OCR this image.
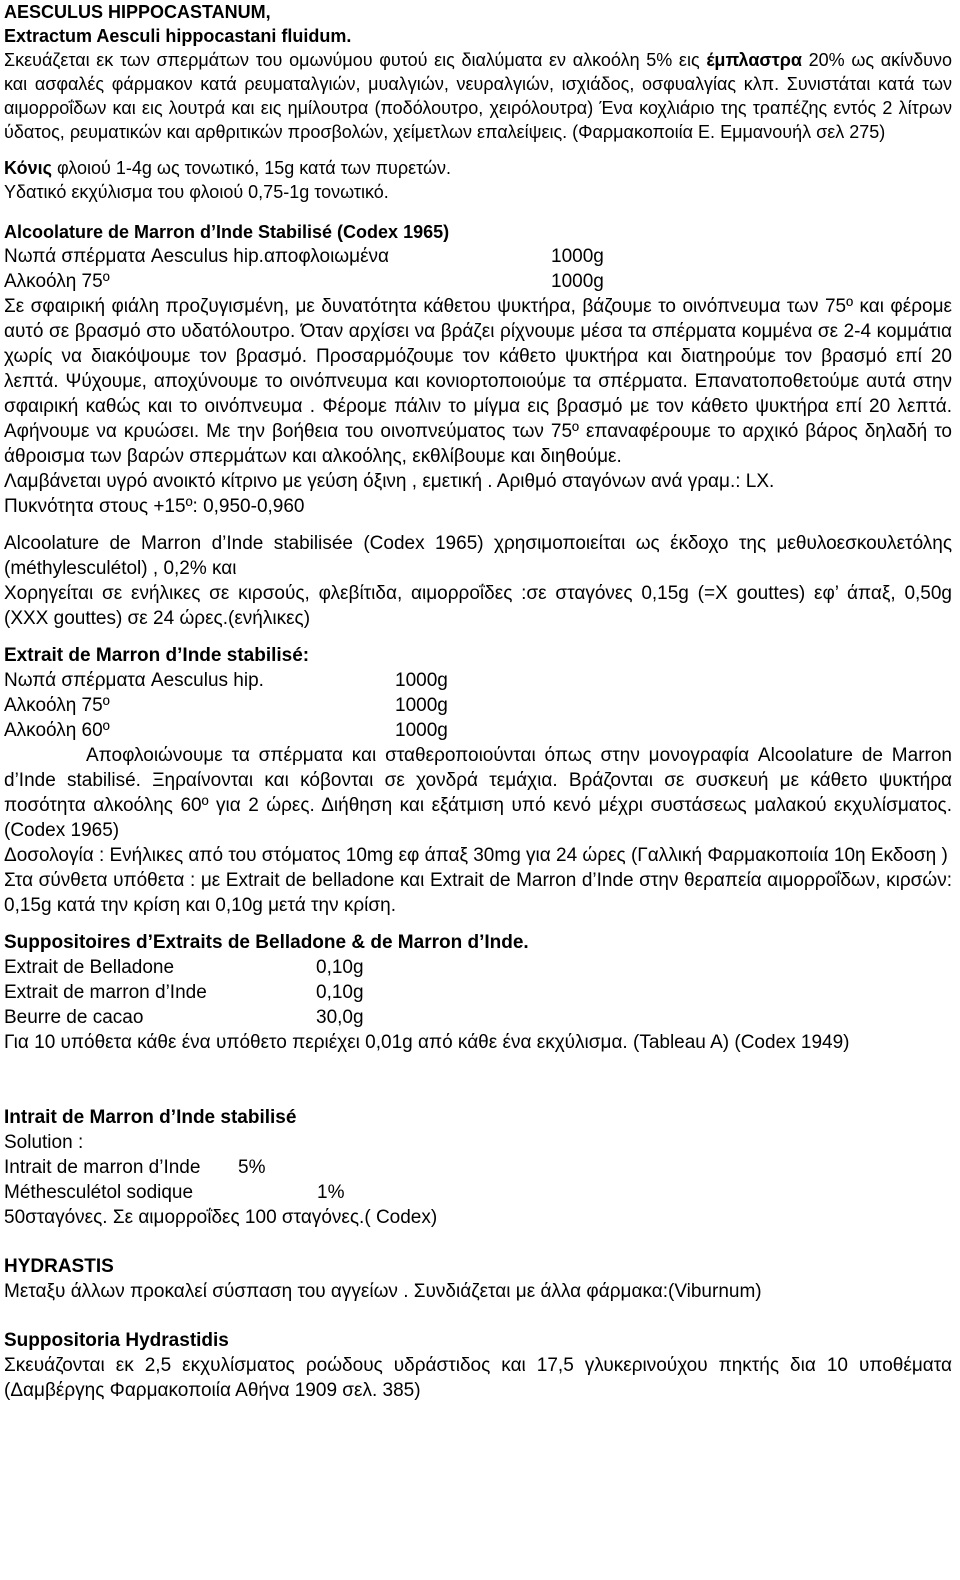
AESCULUS HIPPOCASTANUM,

Extractum Aesculi hippocastani fluidum.

Σκευάζεται εκ των σπερμάτων του ομωνύμου φυτού εις διαλύματα εν αλκοόλη 5% εις έμπλαστρα 20% ως ακίνδυνο και ασφαλές φάρμακον κατά ρευματαλγιών, μυαλγιών, νευραλγιών, ισχιάδος, οσφυαλγίας κλπ. Συνιστάται κατά των αιμορροΐδων και εις λουτρά και εις ημίλουτρα (ποδόλουτρο, χειρόλουτρα) Ένα κοχλιάριο της τραπέζης εντός 2 λίτρων ύδατος, ρευματικών και αρθριτικών προσβολών, χείμετλων επαλείψεις. (Φαρμακοποιία Ε. Εμμανουήλ σελ 275)

Κόνις φλοιού 1-4g ως τονωτικό, 15g κατά των πυρετών.

Υδατικό εκχύλισμα του φλοιού 0,75-1g τονωτικό.

Alcoolature de Marron d’Inde Stabilisé (Codex 1965)

Νωπά σπέρματα Aesculus hip.αποφλοιωμένα	1000g
Αλκοόλη 75º	1000g

Σε σφαιρική φιάλη προζυγισμένη, με δυνατότητα κάθετου ψυκτήρα, βάζουμε το οινόπνευμα των 75º και φέρομε αυτό σε βρασμό στο υδατόλουτρο. Όταν αρχίσει να βράζει ρίχνουμε μέσα τα σπέρματα κομμένα σε 2-4 κομμάτια χωρίς να διακόψουμε τον βρασμό. Προσαρμόζουμε τον κάθετο ψυκτήρα και διατηρούμε τον βρασμό επί 20 λεπτά. Ψύχουμε, αποχύνουμε το οινόπνευμα και κονιορτοποιούμε τα σπέρματα. Επανατοποθετούμε αυτά στην σφαιρική καθώς και το οινόπνευμα . Φέρομε πάλιν το μίγμα εις βρασμό με τον κάθετο ψυκτήρα επί 20 λεπτά. Αφήνουμε να κρυώσει. Με την βοήθεια του οινοπνεύματος των 75º επαναφέρουμε το αρχικό βάρος δηλαδή το άθροισμα των βαρών σπερμάτων και αλκοόλης, εκθλίβουμε και διηθούμε.

Λαμβάνεται υγρό ανοικτό κίτρινο με γεύση όξινη , εμετική . Αριθμό σταγόνων ανά γραμ.: LX.

Πυκνότητα στους +15º: 0,950-0,960

Alcoolature de Marron d’Inde stabilisée (Codex 1965) χρησιμοποιείται ως έκδοχο της μεθυλοεσκουλετόλης (méthylesculétol) , 0,2% και

Χορηγείται σε ενήλικες σε κιρσούς, φλεβίτιδα, αιμορροΐδες :σε σταγόνες 0,15g (=X gouttes) εφ’ άπαξ, 0,50g (XXX gouttes) σε 24 ώρες.(ενήλικες)

Extrait de Marron d’Inde stabilisé:

Νωπά σπέρματα Aesculus hip.	1000g
Αλκοόλη 75º	1000g
Αλκοόλη 60º	1000g

Αποφλοιώνουμε τα σπέρματα και σταθεροποιούνται όπως στην μονογραφία Alcoolature de Marron d’Inde stabilisé. Ξηραίνονται και κόβονται σε χονδρά τεμάχια. Βράζονται σε συσκευή με κάθετο ψυκτήρα ποσότητα αλκοόλης 60º για 2 ώρες. Διήθηση και εξάτμιση υπό κενό μέχρι συστάσεως μαλακού εκχυλίσματος. (Codex 1965)

Δοσολογία : Ενήλικες από του στόματος 10mg εφ άπαξ 30mg για 24 ώρες (Γαλλική Φαρμακοποιία 10η Εκδοση )

Στα σύνθετα υπόθετα : με Extrait de belladone και Extrait de Marron d’Inde στην θεραπεία αιμορροΐδων, κιρσών: 0,15g κατά την κρίση και 0,10g μετά την κρίση.

Suppositoires d’Extraits de Belladone & de Marron d’Inde.

Extrait de Belladone	0,10g
Extrait de marron d’Inde	0,10g
Beurre de cacao	30,0g

Για 10 υπόθετα κάθε ένα υπόθετο περιέχει 0,01g από κάθε ένα εκχύλισμα. (Tableau A) (Codex 1949)

Intrait de Marron d’Inde stabilisé

Solution :

Intrait de marron d’Inde 5%
Méthesculétol sodique	1%

50σταγόνες. Σε αιμορροΐδες 100 σταγόνες.( Codex)

HYDRASTIS

Μεταξυ άλλων προκαλεί σύσπαση του αγγείων . Συνδιάζεται με άλλα φάρμακα:(Viburnum)

Suppositoria Hydrastidis

Σκευάζονται εκ 2,5 εκχυλίσματος ροώδους υδράστιδος και 17,5 γλυκερινούχου πηκτής δια 10 υποθέματα (Δαμβέργης Φαρμακοποιία Αθήνα 1909 σελ. 385)
